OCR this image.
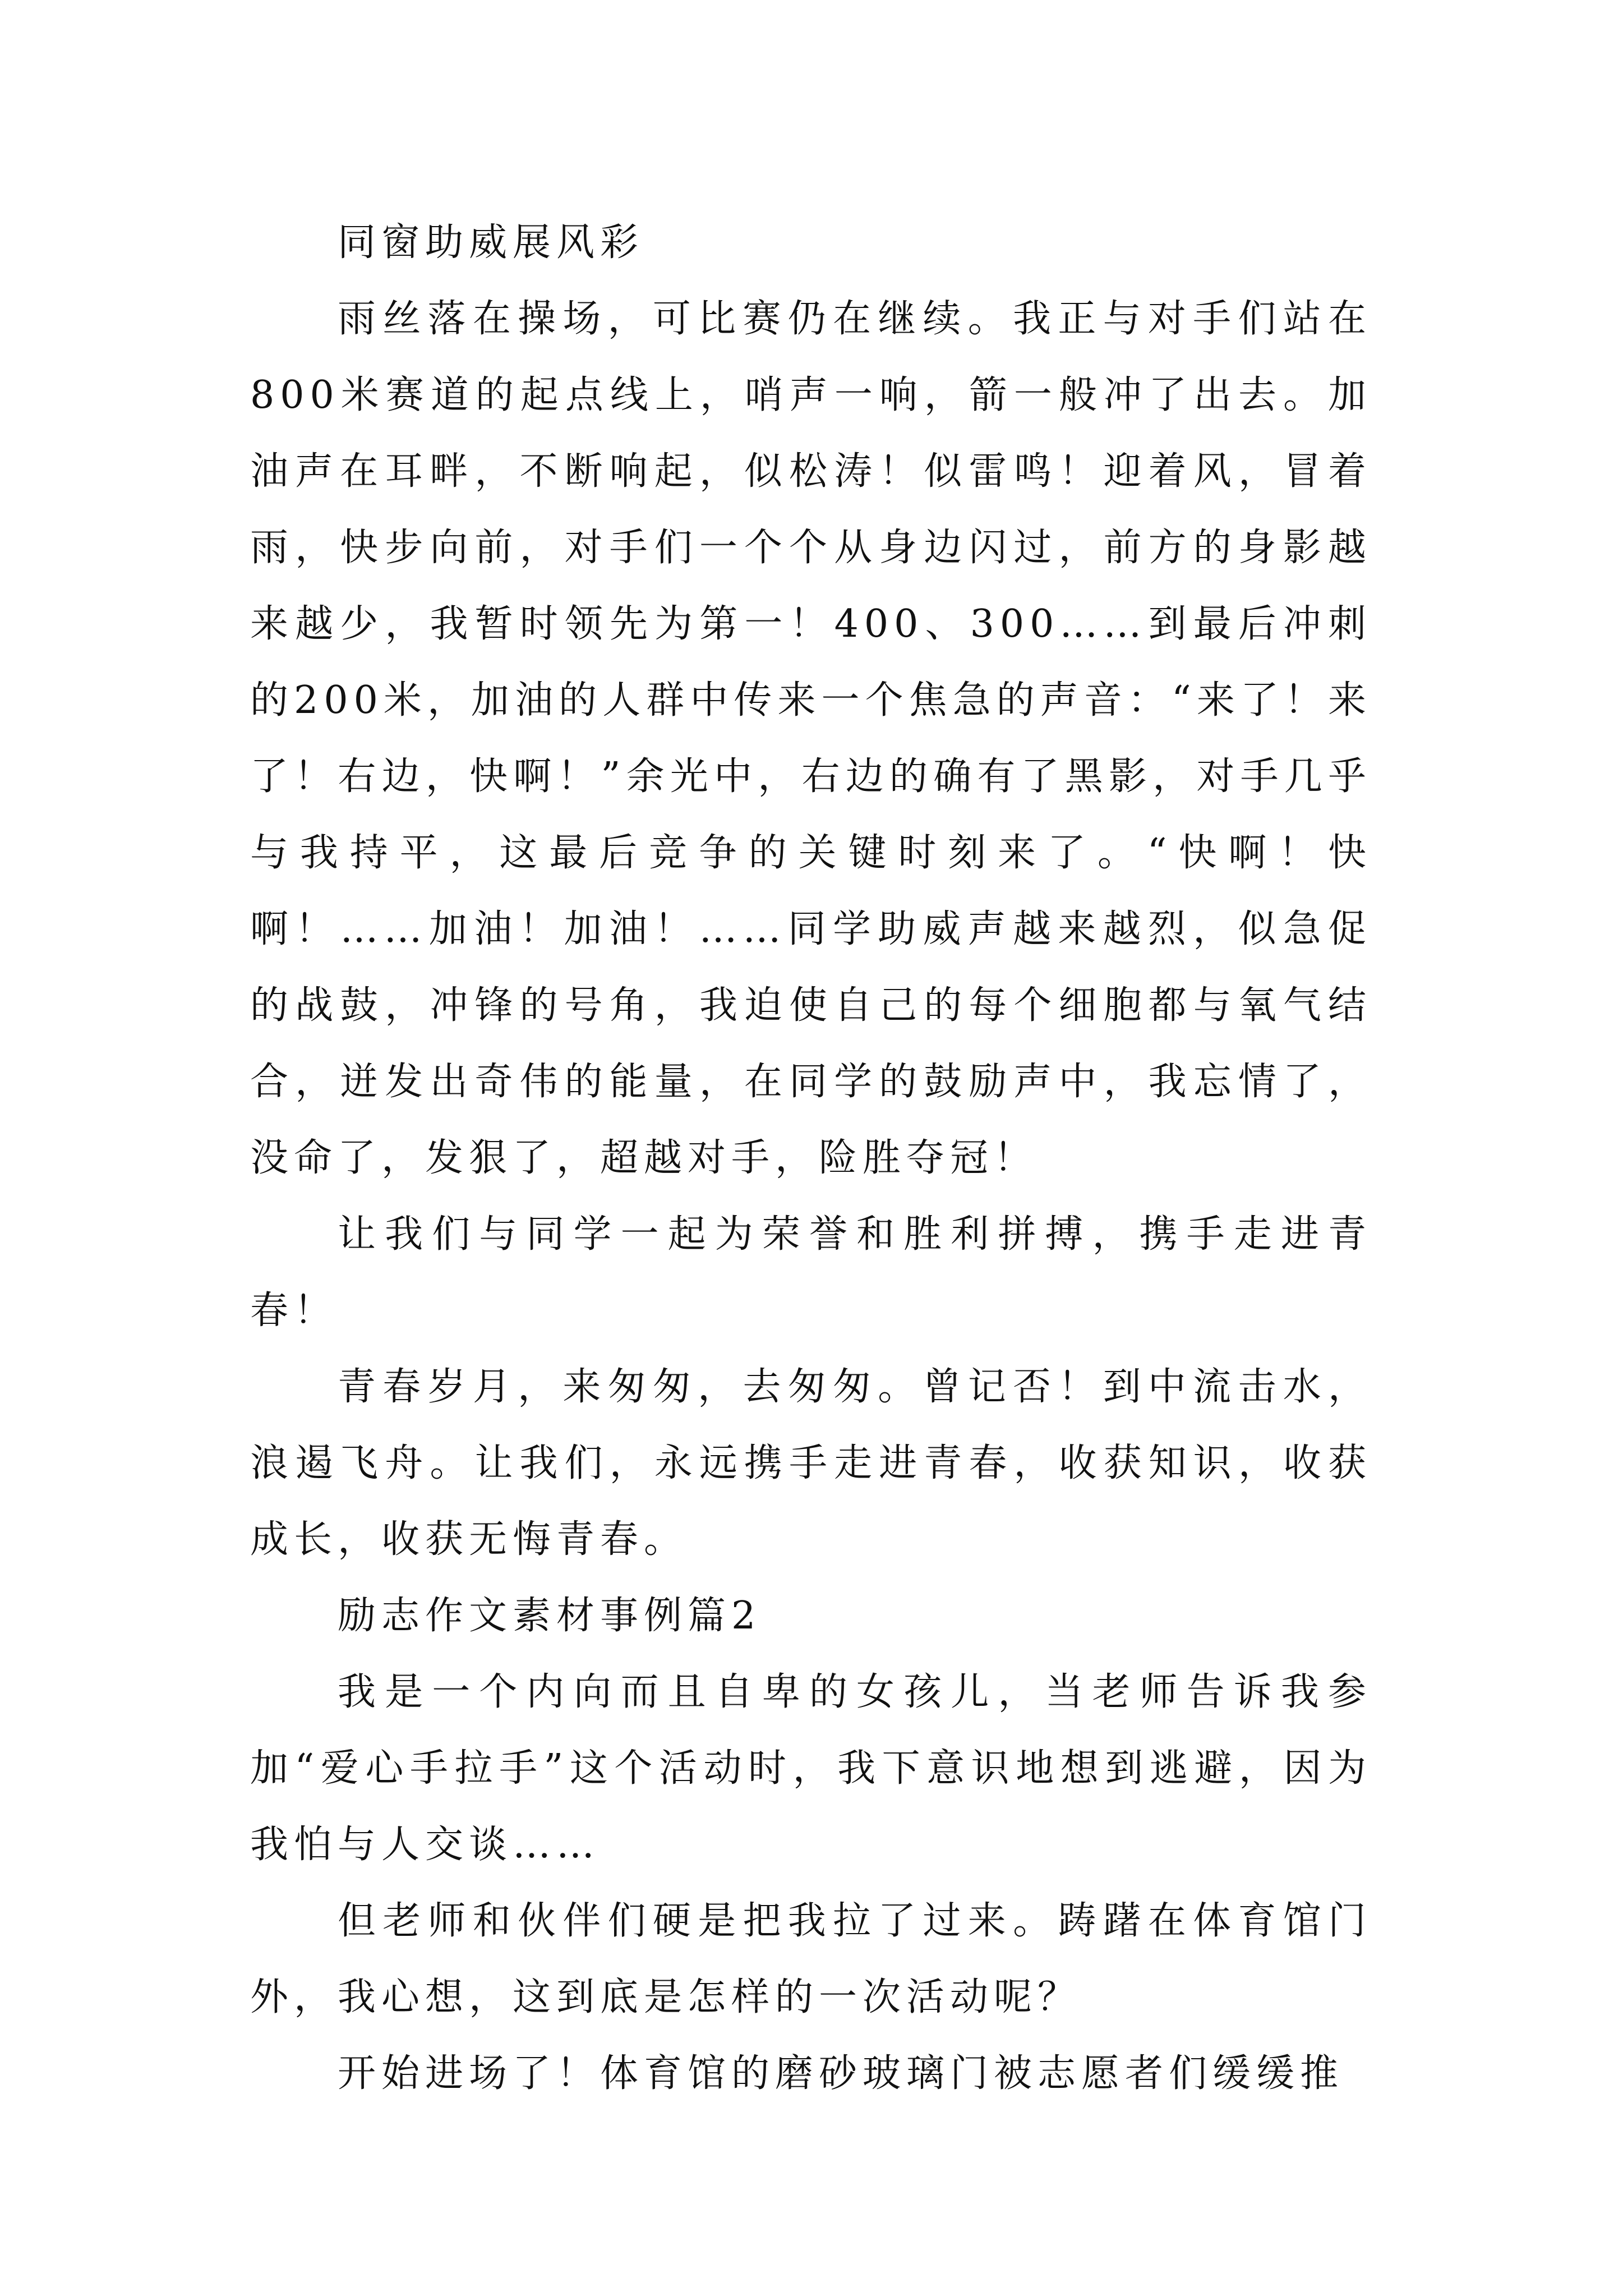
同窗助威展风彩

雨丝落在操场，可比赛仍在继续。我正与对手们站在800米赛道的起点线上，哨声一响，箭一般冲了出去。加油声在耳畔，不断响起，似松涛！似雷鸣！迎着风，冒着雨，快步向前，对手们一个个从身边闪过，前方的身影越来越少，我暂时领先为第一！400、300……到最后冲刺的200米，加油的人群中传来一个焦急的声音：“来了！来了！右边，快啊！”余光中，右边的确有了黑影，对手几乎与我持平，这最后竞争的关键时刻来了。“快啊！快啊！……加油！加油！……同学助威声越来越烈，似急促的战鼓，冲锋的号角，我迫使自己的每个细胞都与氧气结合，迸发出奇伟的能量，在同学的鼓励声中，我忘情了，没命了，发狠了，超越对手，险胜夺冠！

让我们与同学一起为荣誉和胜利拼搏，携手走进青春！

青春岁月，来匆匆，去匆匆。曾记否！到中流击水，浪遏飞舟。让我们，永远携手走进青春，收获知识，收获成长，收获无悔青春。

励志作文素材事例篇2

我是一个内向而且自卑的女孩儿，当老师告诉我参加“爱心手拉手”这个活动时，我下意识地想到逃避，因为我怕与人交谈……

但老师和伙伴们硬是把我拉了过来。踌躇在体育馆门外，我心想，这到底是怎样的一次活动呢？

开始进场了！体育馆的磨砂玻璃门被志愿者们缓缓推
